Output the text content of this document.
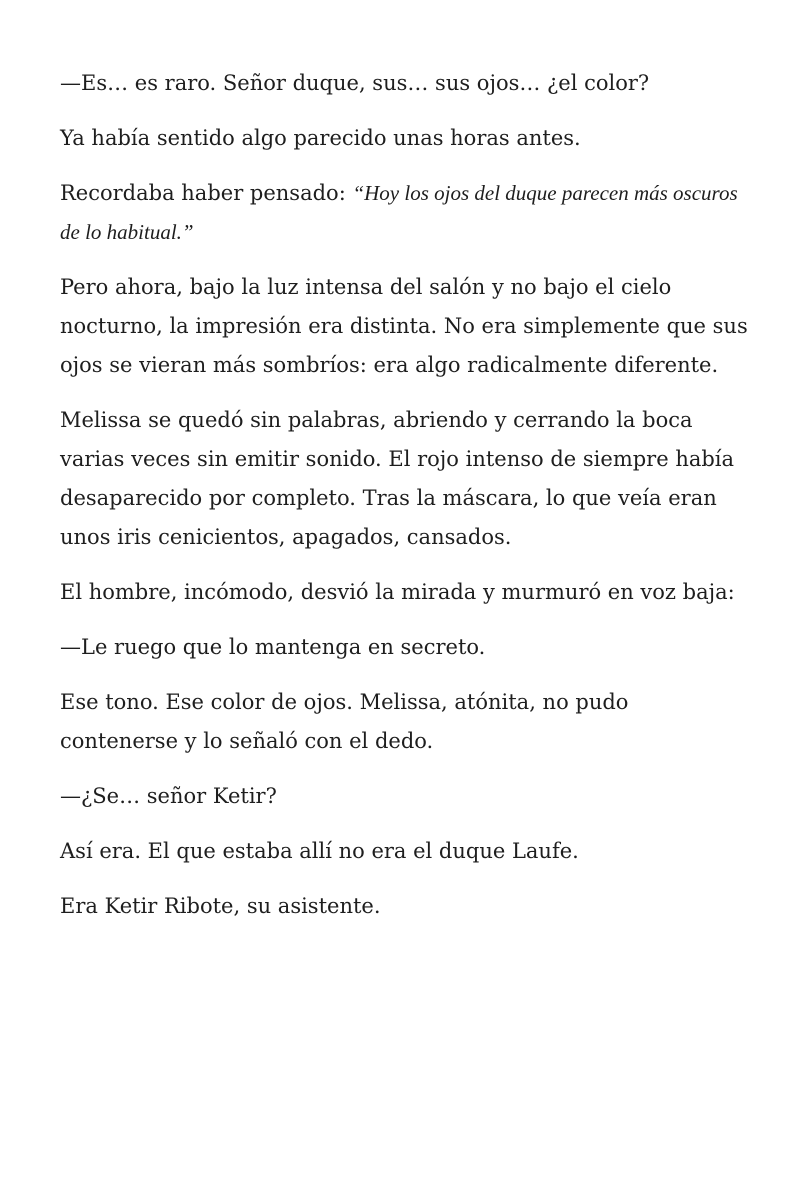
—Es… es raro. Señor duque, sus… sus ojos… ¿el color?

Ya había sentido algo parecido unas horas antes.

Recordaba haber pensado: “Hoy los ojos del duque parecen más oscuros de lo habitual.”

Pero ahora, bajo la luz intensa del salón y no bajo el cielo nocturno, la impresión era distinta. No era simplemente que sus ojos se vieran más sombríos: era algo radicalmente diferente.

Melissa se quedó sin palabras, abriendo y cerrando la boca varias veces sin emitir sonido. El rojo intenso de siempre había desaparecido por completo. Tras la máscara, lo que veía eran unos iris cenicientos, apagados, cansados.

El hombre, incómodo, desvió la mirada y murmuró en voz baja:

—Le ruego que lo mantenga en secreto.

Ese tono. Ese color de ojos. Melissa, atónita, no pudo contenerse y lo señaló con el dedo.

—¿Se… señor Ketir?

Así era. El que estaba allí no era el duque Laufe.

Era Ketir Ribote, su asistente.
